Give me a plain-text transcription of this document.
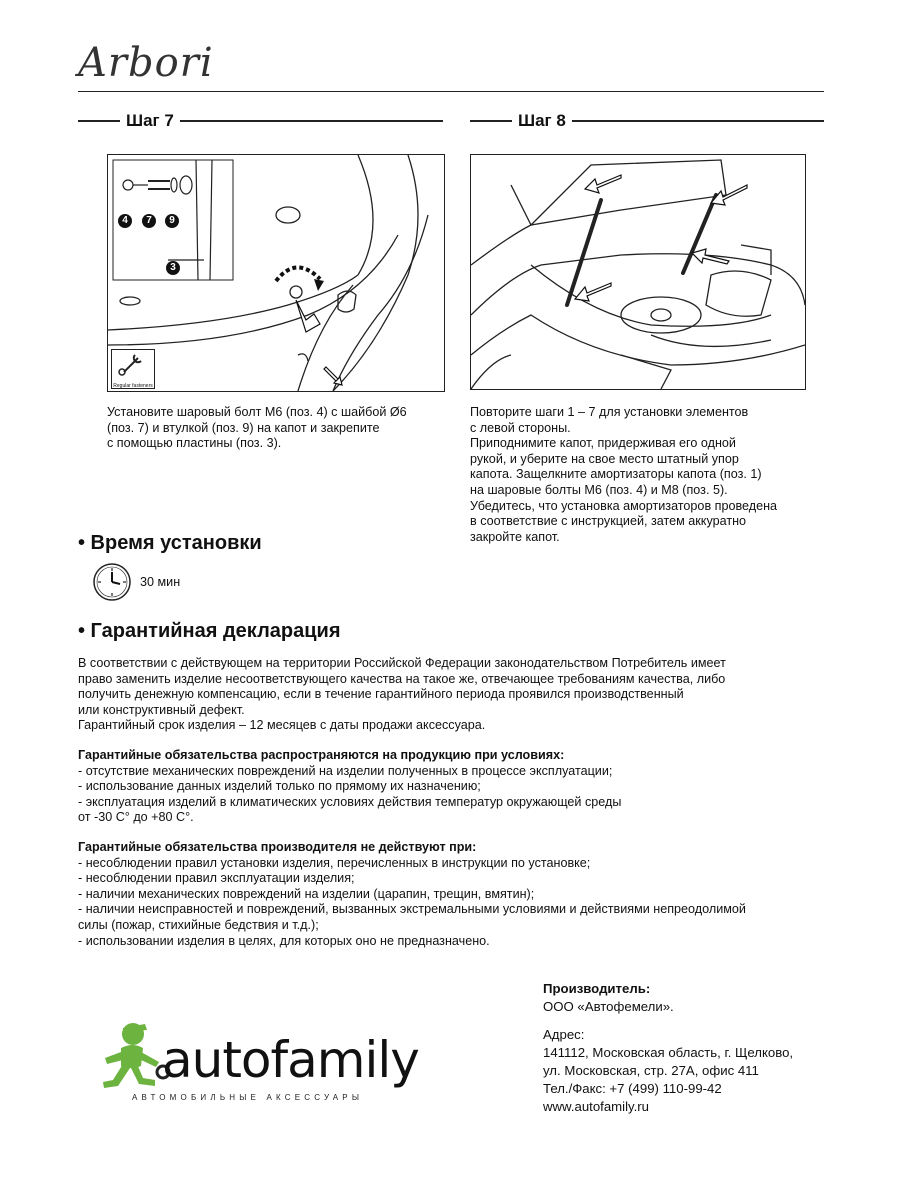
Arbori
Шаг 7	Шаг 8
4	7	9
3
Regular fasteners
Установите шаровый болт М6 (поз. 4) с шайбой Ø6
(поз. 7) и втулкой (поз. 9) на капот и закрепите
с помощью пластины (поз. 3).
Повторите шаги 1 – 7 для установки элементов
с левой стороны.
Приподнимите капот, придерживая его одной
рукой, и уберите на свое место штатный упор
капота. Защелкните амортизаторы капота (поз. 1)
на шаровые болты М6 (поз. 4) и М8 (поз. 5).
Убедитесь, что установка амортизаторов проведена
в соответствие с инструкцией, затем аккуратно
закройте капот.
• Время установки
30 мин
• Гарантийная декларация
В соответствии с действующем на территории Российской Федерации законодательством Потребитель имеет
право заменить изделие несоответствующего качества на такое же, отвечающее требованиям качества, либо
получить денежную компенсацию, если в течение гарантийного периода проявился производственный
или конструктивный дефект.
Гарантийный срок изделия – 12 месяцев с даты продажи аксессуара.
Гарантийные обязательства распространяются на продукцию при условиях:
- отсутствие механических повреждений на изделии полученных в процессе эксплуатации;
- использование данных изделий только по прямому их назначению;
- эксплуатация изделий в климатических условиях действия температур окружающей среды
от -30 С° до +80 С°.
Гарантийные обязательства производителя не действуют при:
- несоблюдении правил установки изделия, перечисленных в инструкции по установке;
- несоблюдении правил эксплуатации изделия;
- наличии механических повреждений на изделии (царапин, трещин, вмятин);
- наличии неисправностей и повреждений, вызванных экстремальными условиями и действиями непреодолимой
силы (пожар, стихийные бедствия и т.д.);
- использовании изделия в целях, для которых оно не предназначено.
Производитель:
ООО «Автофемели».
Адрес:
141112, Московская область, г. Щелково,
ул. Московская, стр. 27А, офис 411
Тел./Факс: +7 (499) 110-99-42
www.autofamily.ru
autofamily
АВТОМОБИЛЬНЫЕ АКСЕССУАРЫ
